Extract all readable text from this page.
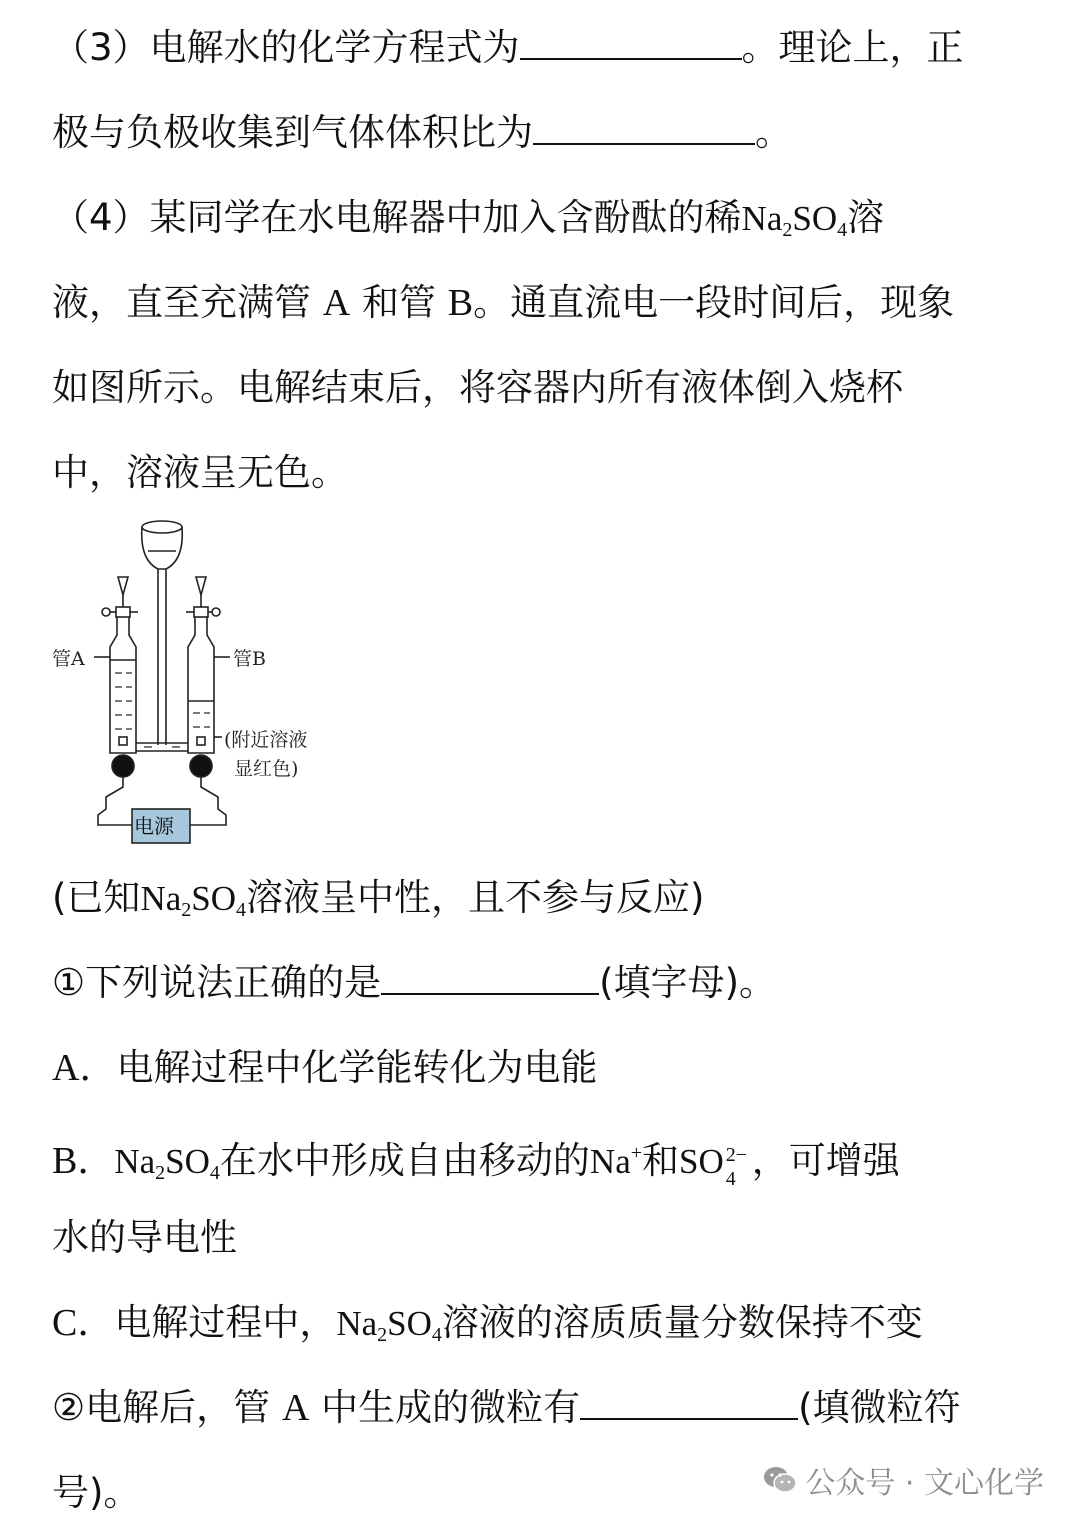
（3）电解水的化学方程式为	。理论上，正
极与负极收集到气体体积比为	。
（4）某同学在水电解器中加入含酚酞的稀$Na_2SO_4$溶
液，直至充满管 A 和管 B。通直流电一段时间后，现象
如图所示。电解结束后，将容器内所有液体倒入烧杯
中，溶液呈无色。
管A	管B
(附近溶液
显红色)
电源
(已知$Na_2SO_4$溶液呈中性，且不参与反应)
①下列说法正确的是	(填字母)。
A．电解过程中化学能转化为电能
B．$Na_2SO_4$在水中形成自由移动的Na+和SO 2−
4 ，可增强
水的导电性
C．电解过程中，$Na_2SO_4$溶液的溶质质量分数保持不变
②电解后，管 A 中生成的微粒有	(填微粒符
号)。	公众号 · 文心化学
